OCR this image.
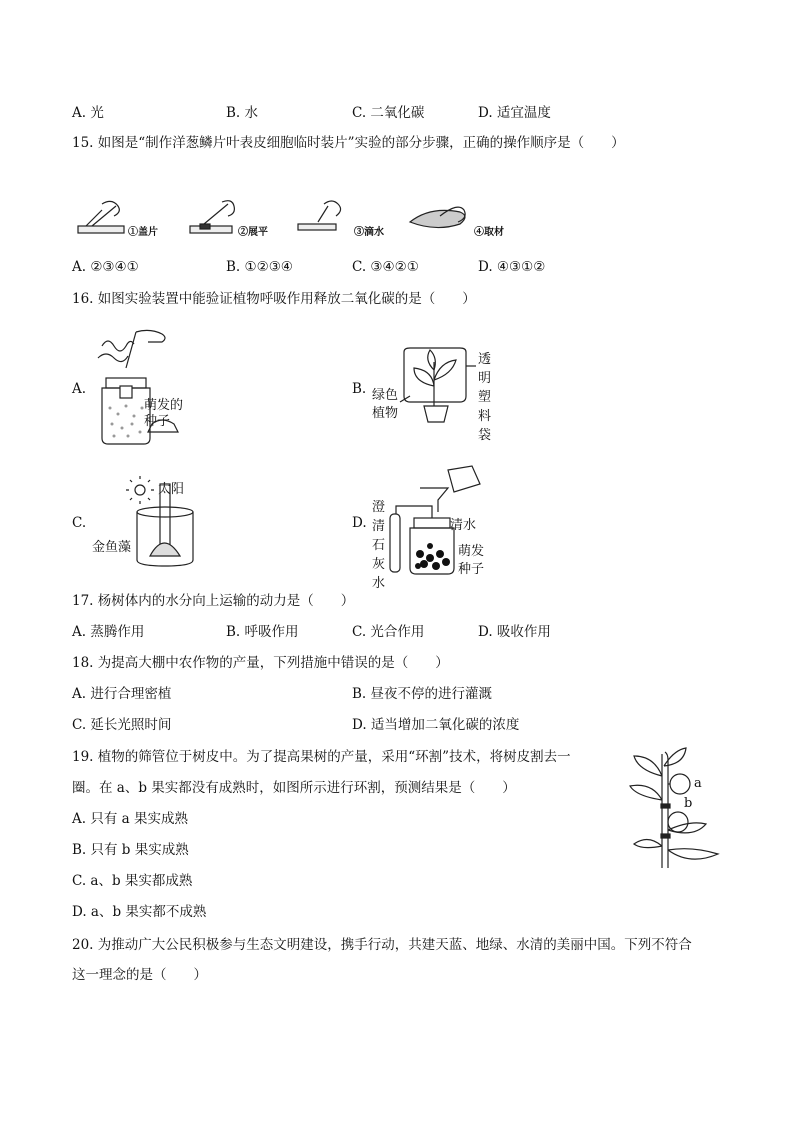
A. 光	B. 水	C. 二氧化碳	D. 适宜温度
15. 如图是“制作洋葱鳞片叶表皮细胞临时装片”实验的部分步骤，正确的操作顺序是（　　）
①盖片	②展平	③滴水	④取材
A. ②③④①	B. ①②③④	C. ③④②①	D. ④③①②
16. 如图实验装置中能验证植物呼吸作用释放二氧化碳的是（　　）
A.
萌发的
种子
B. 绿色
植物
透
明
塑
料
袋
C.
太阳
金鱼藻
D.
澄
清
石
灰
水
清水
萌发
种子
17. 杨树体内的水分向上运输的动力是（　　）
A. 蒸腾作用	B. 呼吸作用	C. 光合作用	D. 吸收作用
18. 为提高大棚中农作物的产量，下列措施中错误的是（　　）
A. 进行合理密植	B. 昼夜不停的进行灌溉
C. 延长光照时间	D. 适当增加二氧化碳的浓度
19. 植物的筛管位于树皮中。为了提高果树的产量，采用“环割”技术，将树皮割去一
圈。在 a、b 果实都没有成熟时，如图所示进行环割，预测结果是（　　）
A. 只有 a 果实成熟
B. 只有 b 果实成熟
C. a、b 果实都成熟
D. a、b 果实都不成熟
a
b
20. 为推动广大公民积极参与生态文明建设，携手行动，共建天蓝、地绿、水清的美丽中国。下列不符合
这一理念的是（　　）
